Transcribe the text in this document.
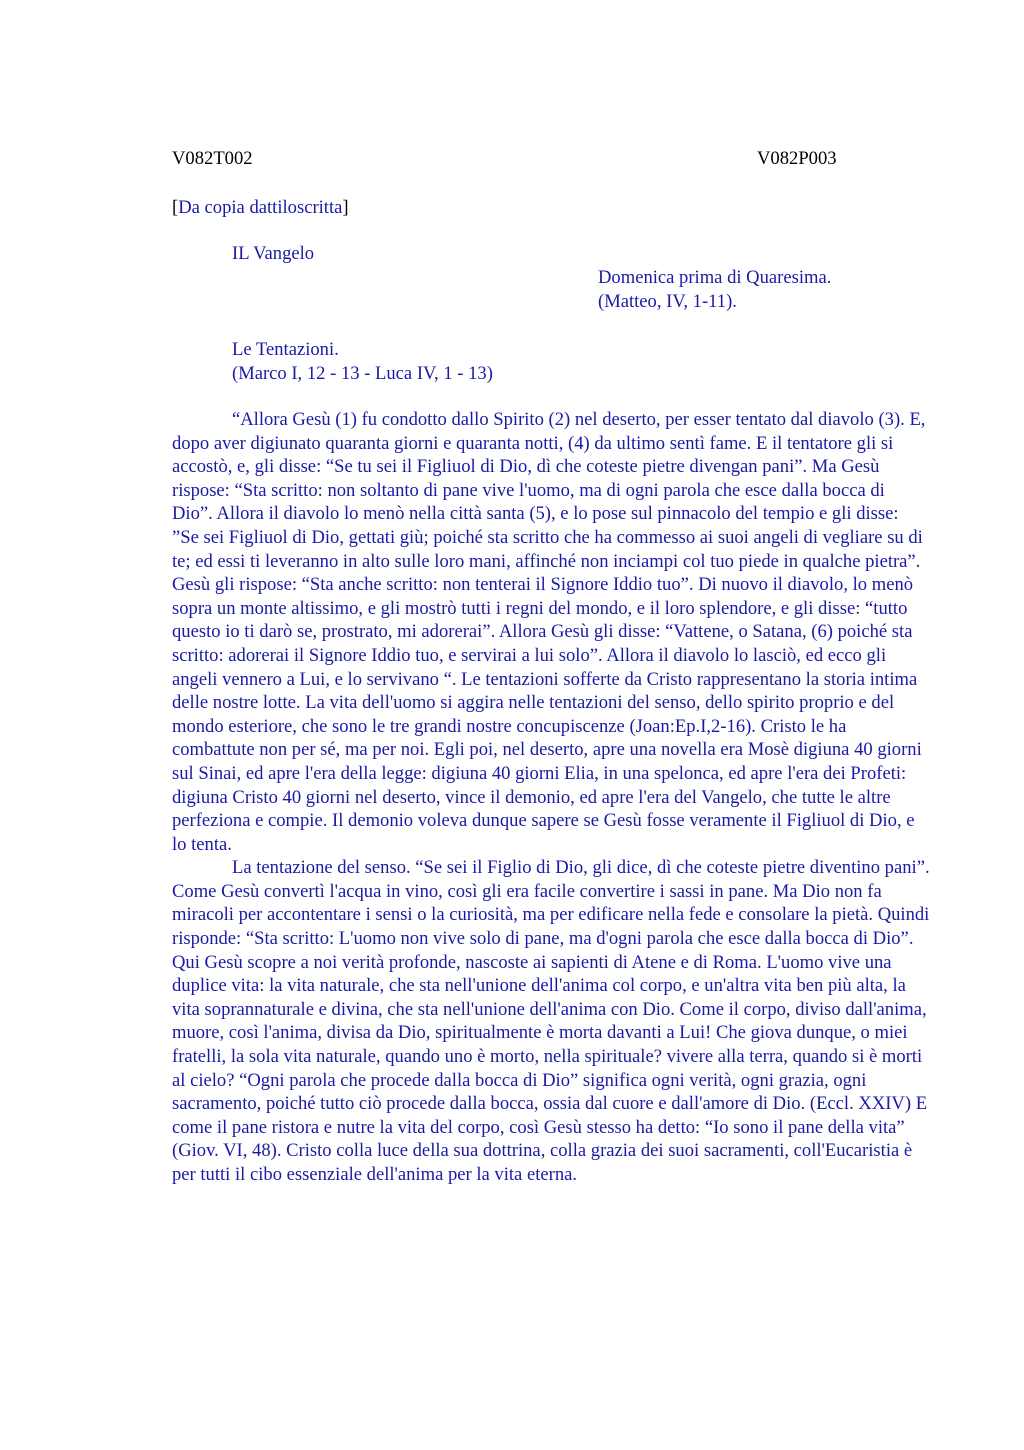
V082T002	V082P003
[Da copia dattiloscritta]
IL Vangelo
Domenica prima di Quaresima.
(Matteo, IV, 1-11).
Le Tentazioni.
(Marco I, 12 - 13 - Luca IV, 1 - 13)

“Allora Gesù (1) fu condotto dallo Spirito (2) nel deserto, per esser tentato dal diavolo (3). E, dopo aver digiunato quaranta giorni e quaranta notti, (4) da ultimo sentì fame. E il tentatore gli si accostò, e, gli disse: “Se tu sei il Figliuol di Dio, dì che coteste pietre divengan pani”. Ma Gesù rispose: “Sta scritto: non soltanto di pane vive l'uomo, ma di ogni parola che esce dalla bocca di Dio”. Allora il diavolo lo menò nella città santa (5), e lo pose sul pinnacolo del tempio e gli disse: ”Se sei Figliuol di Dio, gettati giù; poiché sta scritto che ha commesso ai suoi angeli di vegliare su di te; ed essi ti leveranno in alto sulle loro mani, affinché non inciampi col tuo piede in qualche pietra”. Gesù gli rispose: “Sta anche scritto: non tenterai il Signore Iddio tuo”. Di nuovo il diavolo, lo menò sopra un monte altissimo, e gli mostrò tutti i regni del mondo, e il loro splendore, e gli disse: “tutto questo io ti darò se, prostrato, mi adorerai”. Allora Gesù gli disse: “Vattene, o Satana, (6) poiché sta scritto: adorerai il Signore Iddio tuo, e servirai a lui solo”. Allora il diavolo lo lasciò, ed ecco gli angeli vennero a Lui, e lo servivano “. Le tentazioni sofferte da Cristo rappresentano la storia intima delle nostre lotte. La vita dell'uomo si aggira nelle tentazioni del senso, dello spirito proprio e del mondo esteriore, che sono le tre grandi nostre concupiscenze (Joan:Ep.I,2-16). Cristo le ha combattute non per sé, ma per noi. Egli poi, nel deserto, apre una novella era Mosè digiuna 40 giorni sul Sinai, ed apre l'era della legge: digiuna 40 giorni Elia, in una spelonca, ed apre l'era dei Profeti: digiuna Cristo 40 giorni nel deserto, vince il demonio, ed apre l'era del Vangelo, che tutte le altre perfeziona e compie. Il demonio voleva dunque sapere se Gesù fosse veramente il Figliuol di Dio, e lo tenta.

La tentazione del senso. “Se sei il Figlio di Dio, gli dice, dì che coteste pietre diventino pani”. Come Gesù convertì l'acqua in vino, così gli era facile convertire i sassi in pane. Ma Dio non fa miracoli per accontentare i sensi o la curiosità, ma per edificare nella fede e consolare la pietà. Quindi risponde: “Sta scritto: L'uomo non vive solo di pane, ma d'ogni parola che esce dalla bocca di Dio”. Qui Gesù scopre a noi verità profonde, nascoste ai sapienti di Atene e di Roma. L'uomo vive una duplice vita: la vita naturale, che sta nell'unione dell'anima col corpo, e un'altra vita ben più alta, la vita soprannaturale e divina, che sta nell'unione dell'anima con Dio. Come il corpo, diviso dall'anima, muore, così l'anima, divisa da Dio, spiritualmente è morta davanti a Lui! Che giova dunque, o miei fratelli, la sola vita naturale, quando uno è morto, nella spirituale? vivere alla terra, quando si è morti al cielo? “Ogni parola che procede dalla bocca di Dio” significa ogni verità, ogni grazia, ogni sacramento, poiché tutto ciò procede dalla bocca, ossia dal cuore e dall'amore di Dio. (Eccl. XXIV) E come il pane ristora e nutre la vita del corpo, così Gesù stesso ha detto: “Io sono il pane della vita” (Giov. VI, 48). Cristo colla luce della sua dottrina, colla grazia dei suoi sacramenti, coll'Eucaristia è per tutti il cibo essenziale dell'anima per la vita eterna.
